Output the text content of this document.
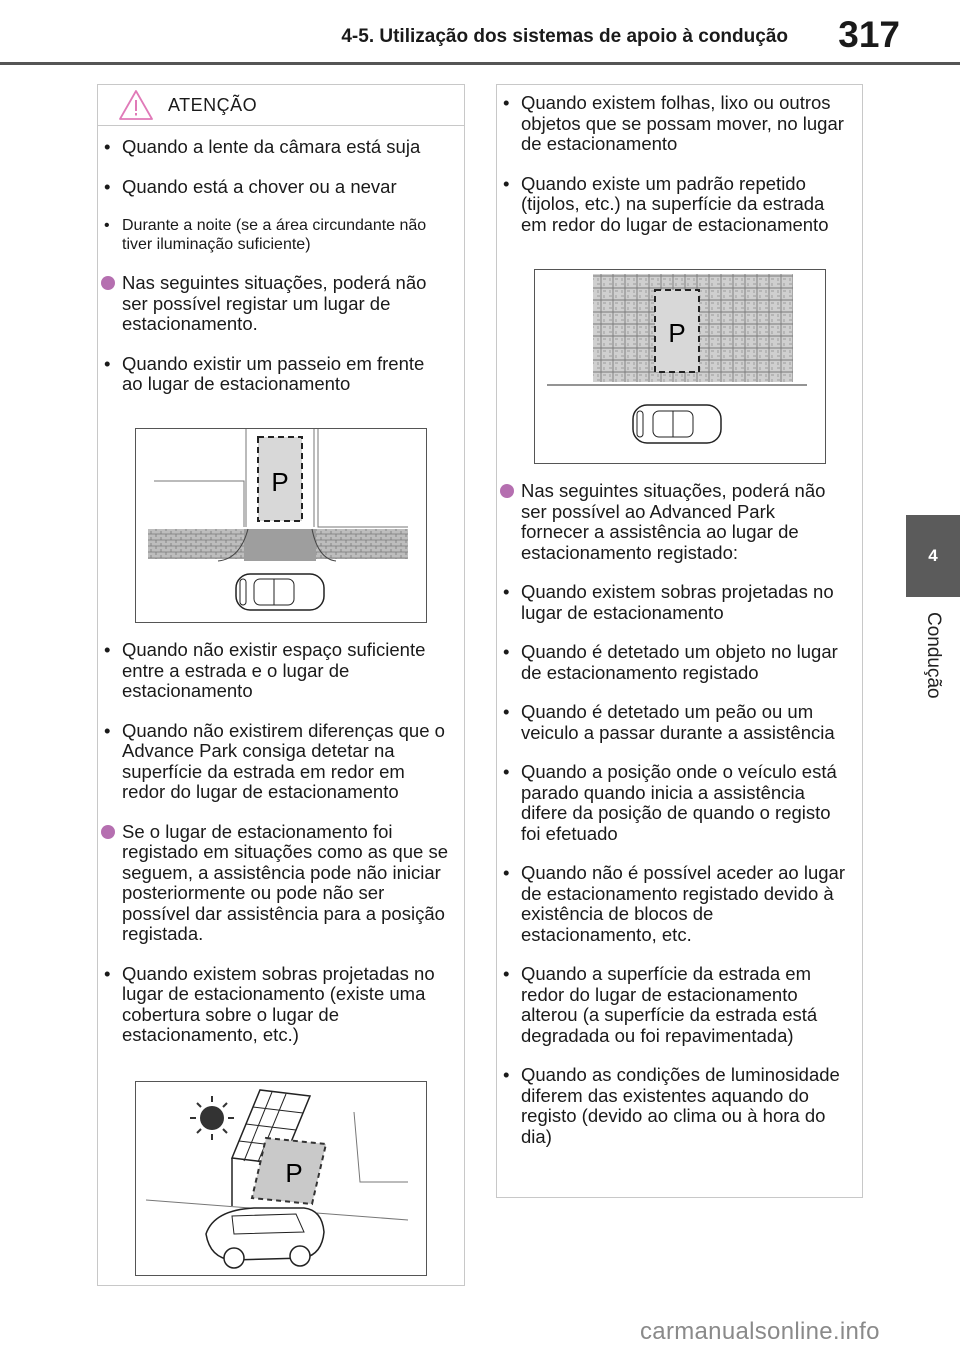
4-5. Utilização dos sistemas de apoio à condução	317
4
Condução
ATENÇÃO
• Quando a lente da câmara está suja
• Quando está a chover ou a nevar
• Durante a noite (se a área circundante não tiver iluminação suficiente)
Nas seguintes situações, poderá não ser possível registar um lugar de estacionamento.
• Quando existir um passeio em frente ao lugar de estacionamento
P
• Quando não existir espaço suficiente entre a estrada e o lugar de estacionamento
• Quando não existirem diferenças que o Advance Park consiga detetar na superfície da estrada em redor em redor do lugar de estacionamento
Se o lugar de estacionamento foi registado em situações como as que se seguem, a assistência pode não iniciar posteriormente ou pode não ser possível dar assistência para a posição registada.
• Quando existem sobras projetadas no lugar de estacionamento (existe uma cobertura sobre o lugar de estacionamento, etc.)
P
• Quando existem folhas, lixo ou outros objetos que se possam mover, no lugar de estacionamento
• Quando existe um padrão repetido (tijolos, etc.) na superfície da estrada em redor do lugar de estacionamento
P
Nas seguintes situações, poderá não ser possível ao Advanced Park fornecer a assistência ao lugar de estacionamento registado:
• Quando existem sobras projetadas no lugar de estacionamento
• Quando é detetado um objeto no lugar de estacionamento registado
• Quando é detetado um peão ou um veiculo a passar durante a assistência
• Quando a posição onde o veículo está parado quando inicia a assistência difere da posição de quando o registo foi efetuado
• Quando não é possível aceder ao lugar de estacionamento registado devido à existência de blocos de estacionamento, etc.
• Quando a superfície da estrada em redor do lugar de estacionamento alterou (a superfície da estrada está degradada ou foi repavimentada)
• Quando as condições de luminosidade diferem das existentes aquando do registo (devido ao clima ou à hora do dia)
carmanualsonline.info
